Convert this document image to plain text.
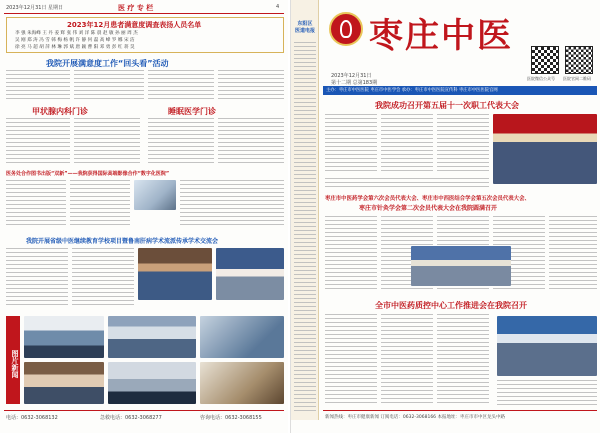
2023年12月31日 星期日	医 疗 专 栏	4
2023年12月患者满意度调查表扬人员名单
李 强 朱海峰 王 丹 姜 辉 张 伟 刘 洋 陈 晨 赵 敏 孙 丽 周 杰
吴 刚 郑 涛 冯 雪 韩 梅 杨 帆 许 静 何 磊 高 峰 罗 娜 宋 洁
徐 亮 马 超 胡 萍 林 琳 郭 斌 唐 颖 曹 阳 邓 勇 彭 红 蒋 昊
我院开展满意度工作“回头看”活动
甲状腺内科门诊	睡眠医学门诊
医务处合作图书出版“双新”——我院获得国际高端影像合作“数字化医院”
我院开展省级中医继续教育学校项目暨鲁南肝病学术流派传承学术交流会
图片新闻
电话：0632-3068132	急救电话：0632-3068277	咨询电话：0632-3068155
东阳区
医道电报 枣庄中医
2023年12月31日
第十二期 总第183期
医院微信公众号 医院官网二维码
主办：枣庄市中医医院 枣庄市中医学会 承办：枣庄市中医医院宣传科 枣庄市中医医院官网
我院成功召开第五届十一次职工代表大会
枣庄市中医药学会第六次会员代表大会、枣庄市中西医结合学会第五次会员代表大会、
枣庄市针灸学会第二次会员代表大会在我院圆满召开
全市中医药质控中心工作推进会在我院召开
新闻热线：枣庄市健康新闻 订阅电话：0632-3068166 本报地址：枣庄市市中区龙头中路
